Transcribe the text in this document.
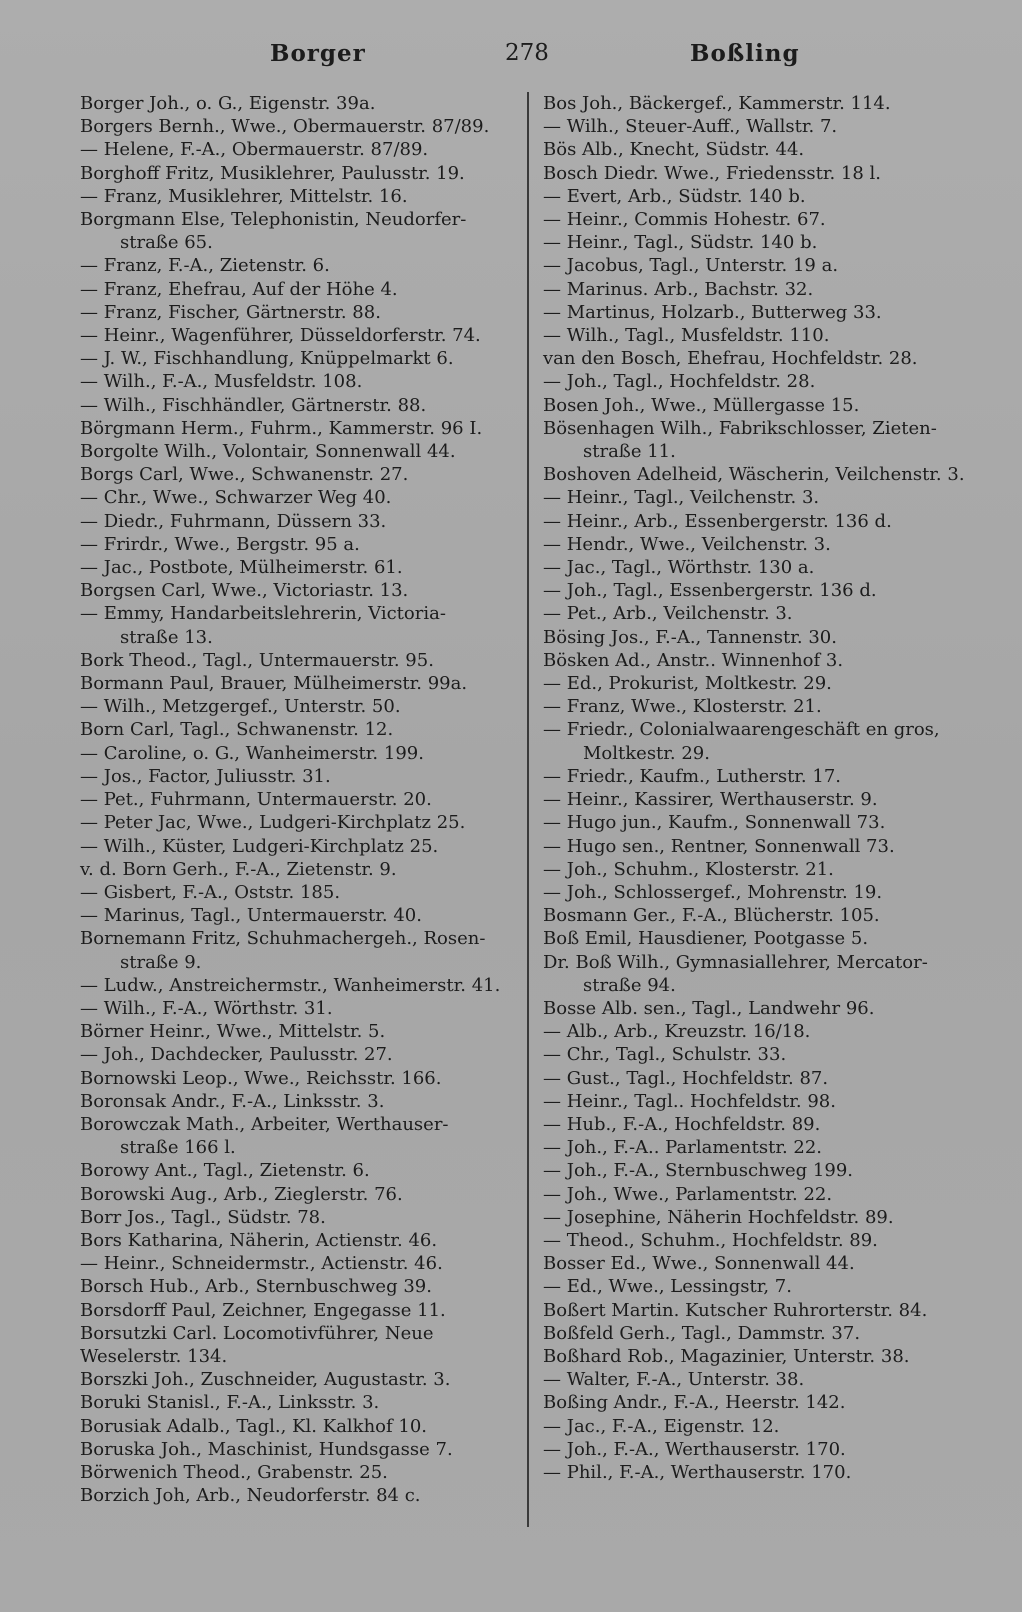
Borger	278	Boßling
Borger Joh., o. G., Eigenstr. 39a.
Borgers Bernh., Wwe., Obermauerstr. 87/89.
— Helene, F.-A., Obermauerstr. 87/89.
Borghoff Fritz, Musiklehrer, Paulusstr. 19.
— Franz, Musiklehrer, Mittelstr. 16.
Borgmann Else, Telephonistin, Neudorfer-
straße 65.
— Franz, F.-A., Zietenstr. 6.
— Franz, Ehefrau, Auf der Höhe 4.
— Franz, Fischer, Gärtnerstr. 88.
— Heinr., Wagenführer, Düsseldorferstr. 74.
— J. W., Fischhandlung, Knüppelmarkt 6.
— Wilh., F.-A., Musfeldstr. 108.
— Wilh., Fischhändler, Gärtnerstr. 88.
Börgmann Herm., Fuhrm., Kammerstr. 96 I.
Borgolte Wilh., Volontair, Sonnenwall 44.
Borgs Carl, Wwe., Schwanenstr. 27.
— Chr., Wwe., Schwarzer Weg 40.
— Diedr., Fuhrmann, Düssern 33.
— Frirdr., Wwe., Bergstr. 95 a.
— Jac., Postbote, Mülheimerstr. 61.
Borgsen Carl, Wwe., Victoriastr. 13.
— Emmy, Handarbeitslehrerin, Victoria-
straße 13.
Bork Theod., Tagl., Untermauerstr. 95.
Bormann Paul, Brauer, Mülheimerstr. 99a.
— Wilh., Metzgergef., Unterstr. 50.
Born Carl, Tagl., Schwanenstr. 12.
— Caroline, o. G., Wanheimerstr. 199.
— Jos., Factor, Juliusstr. 31.
— Pet., Fuhrmann, Untermauerstr. 20.
— Peter Jac, Wwe., Ludgeri-Kirchplatz 25.
— Wilh., Küster, Ludgeri-Kirchplatz 25.
v. d. Born Gerh., F.-A., Zietenstr. 9.
— Gisbert, F.-A., Oststr. 185.
— Marinus, Tagl., Untermauerstr. 40.
Bornemann Fritz, Schuhmachergeh., Rosen-
straße 9.
— Ludw., Anstreichermstr., Wanheimerstr. 41.
— Wilh., F.-A., Wörthstr. 31.
Börner Heinr., Wwe., Mittelstr. 5.
— Joh., Dachdecker, Paulusstr. 27.
Bornowski Leop., Wwe., Reichsstr. 166.
Boronsak Andr., F.-A., Linksstr. 3.
Borowczak Math., Arbeiter, Werthauser-
straße 166 l.
Borowy Ant., Tagl., Zietenstr. 6.
Borowski Aug., Arb., Zieglerstr. 76.
Borr Jos., Tagl., Südstr. 78.
Bors Katharina, Näherin, Actienstr. 46.
— Heinr., Schneidermstr., Actienstr. 46.
Borsch Hub., Arb., Sternbuschweg 39.
Borsdorff Paul, Zeichner, Engegasse 11.
Borsutzki Carl. Locomotivführer, Neue
Weselerstr. 134.
Borszki Joh., Zuschneider, Augustastr. 3.
Boruki Stanisl., F.-A., Linksstr. 3.
Borusiak Adalb., Tagl., Kl. Kalkhof 10.
Boruska Joh., Maschinist, Hundsgasse 7.
Börwenich Theod., Grabenstr. 25.
Borzich Joh, Arb., Neudorferstr. 84 c.
Bos Joh., Bäckergef., Kammerstr. 114.
— Wilh., Steuer-Auff., Wallstr. 7.
Bös Alb., Knecht, Südstr. 44.
Bosch Diedr. Wwe., Friedensstr. 18 l.
— Evert, Arb., Südstr. 140 b.
— Heinr., Commis Hohestr. 67.
— Heinr., Tagl., Südstr. 140 b.
— Jacobus, Tagl., Unterstr. 19 a.
— Marinus. Arb., Bachstr. 32.
— Martinus, Holzarb., Butterweg 33.
— Wilh., Tagl., Musfeldstr. 110.
van den Bosch, Ehefrau, Hochfeldstr. 28.
— Joh., Tagl., Hochfeldstr. 28.
Bosen Joh., Wwe., Müllergasse 15.
Bösenhagen Wilh., Fabrikschlosser, Zieten-
straße 11.
Boshoven Adelheid, Wäscherin, Veilchenstr. 3.
— Heinr., Tagl., Veilchenstr. 3.
— Heinr., Arb., Essenbergerstr. 136 d.
— Hendr., Wwe., Veilchenstr. 3.
— Jac., Tagl., Wörthstr. 130 a.
— Joh., Tagl., Essenbergerstr. 136 d.
— Pet., Arb., Veilchenstr. 3.
Bösing Jos., F.-A., Tannenstr. 30.
Bösken Ad., Anstr.. Winnenhof 3.
— Ed., Prokurist, Moltkestr. 29.
— Franz, Wwe., Klosterstr. 21.
— Friedr., Colonialwaarengeschäft en gros,
Moltkestr. 29.
— Friedr., Kaufm., Lutherstr. 17.
— Heinr., Kassirer, Werthauserstr. 9.
— Hugo jun., Kaufm., Sonnenwall 73.
— Hugo sen., Rentner, Sonnenwall 73.
— Joh., Schuhm., Klosterstr. 21.
— Joh., Schlossergef., Mohrenstr. 19.
Bosmann Ger., F.-A., Blücherstr. 105.
Boß Emil, Hausdiener, Pootgasse 5.
Dr. Boß Wilh., Gymnasiallehrer, Mercator-
straße 94.
Bosse Alb. sen., Tagl., Landwehr 96.
— Alb., Arb., Kreuzstr. 16/18.
— Chr., Tagl., Schulstr. 33.
— Gust., Tagl., Hochfeldstr. 87.
— Heinr., Tagl.. Hochfeldstr. 98.
— Hub., F.-A., Hochfeldstr. 89.
— Joh., F.-A.. Parlamentstr. 22.
— Joh., F.-A., Sternbuschweg 199.
— Joh., Wwe., Parlamentstr. 22.
— Josephine, Näherin Hochfeldstr. 89.
— Theod., Schuhm., Hochfeldstr. 89.
Bosser Ed., Wwe., Sonnenwall 44.
— Ed., Wwe., Lessingstr, 7.
Boßert Martin. Kutscher Ruhrorterstr. 84.
Boßfeld Gerh., Tagl., Dammstr. 37.
Boßhard Rob., Magazinier, Unterstr. 38.
— Walter, F.-A., Unterstr. 38.
Boßing Andr., F.-A., Heerstr. 142.
— Jac., F.-A., Eigenstr. 12.
— Joh., F.-A., Werthauserstr. 170.
— Phil., F.-A., Werthauserstr. 170.
